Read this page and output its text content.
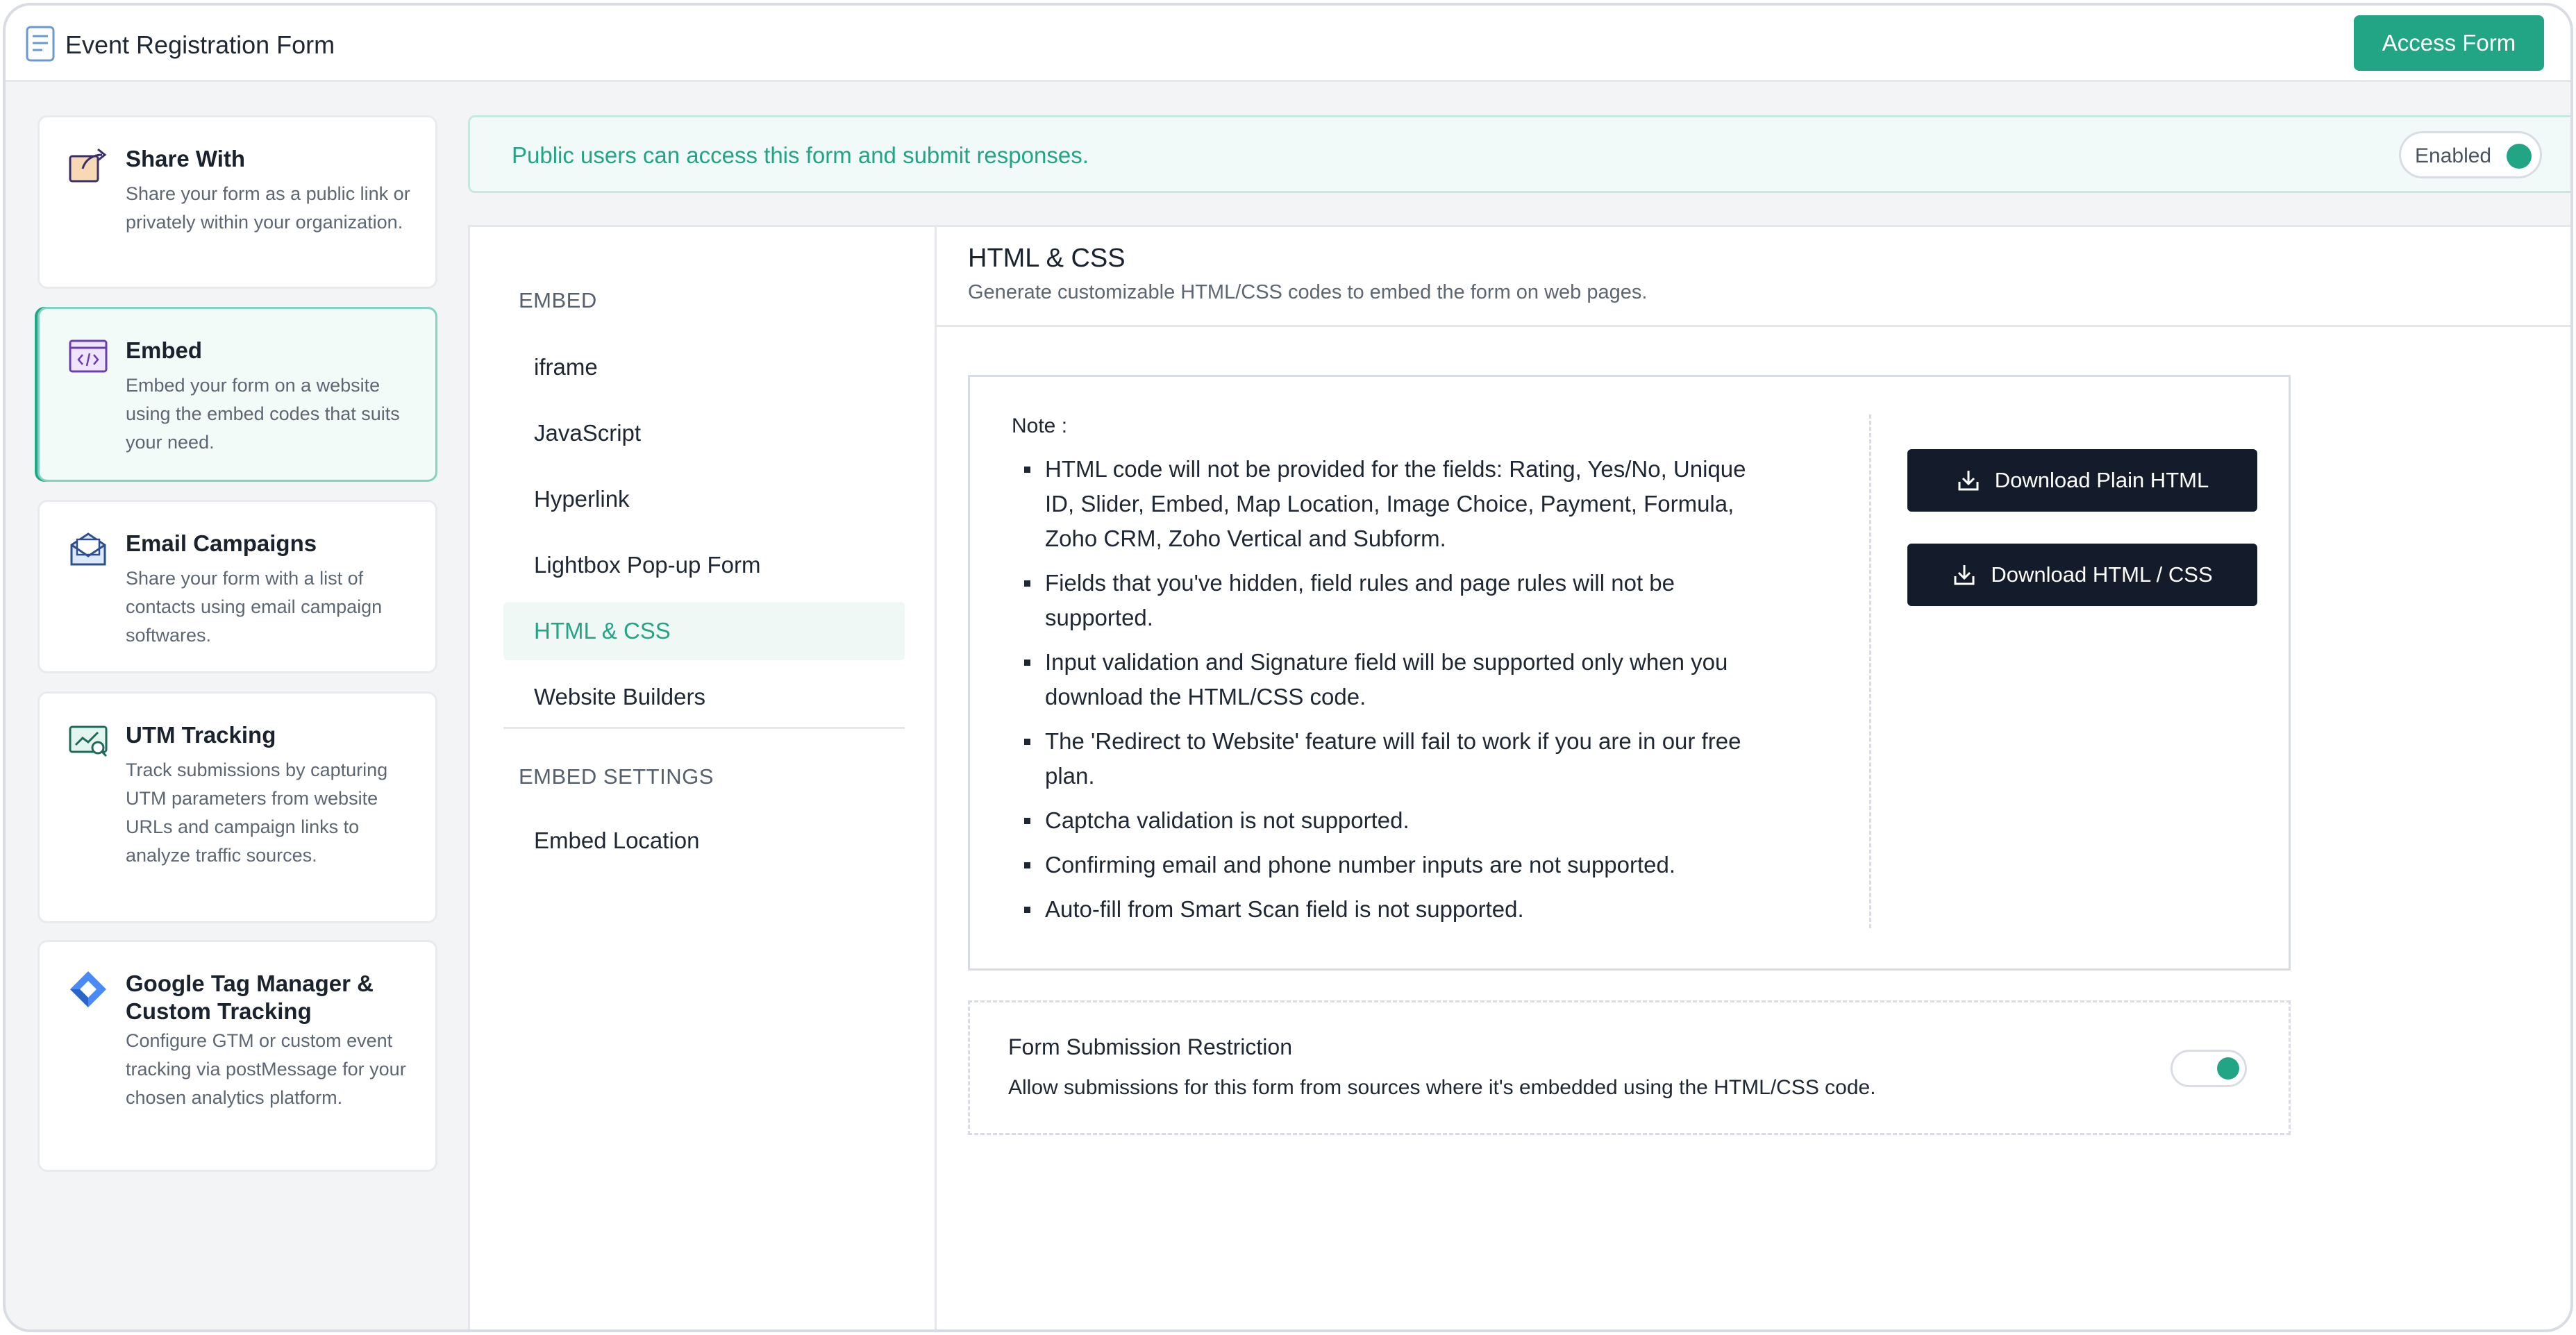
Event Registration Form	Access Form
Share With
Share your form as a public link or privately within your organization.
Embed
Embed your form on a website using the embed codes that suits your need.
Email Campaigns
Share your form with a list of contacts using email campaign softwares.
UTM Tracking
Track submissions by capturing UTM parameters from website URLs and campaign links to analyze traffic sources.
Google Tag Manager & Custom Tracking
Configure GTM or custom event tracking via postMessage for your chosen analytics platform.
Public users can access this form and submit responses.	Enabled
EMBED
iframe
JavaScript
Hyperlink
Lightbox Pop-up Form
HTML & CSS
Website Builders
EMBED SETTINGS
Embed Location
HTML & CSS
Generate customizable HTML/CSS codes to embed the form on web pages.
Note :
HTML code will not be provided for the fields: Rating, Yes/No, Unique ID, Slider, Embed, Map Location, Image Choice, Payment, Formula, Zoho CRM, Zoho Vertical and Subform.
Fields that you've hidden, field rules and page rules will not be supported.
Input validation and Signature field will be supported only when you download the HTML/CSS code.
The 'Redirect to Website' feature will fail to work if you are in our free plan.
Captcha validation is not supported.
Confirming email and phone number inputs are not supported.
Auto-fill from Smart Scan field is not supported.
Download Plain HTML
Download HTML / CSS
Form Submission Restriction
Allow submissions for this form from sources where it's embedded using the HTML/CSS code.
